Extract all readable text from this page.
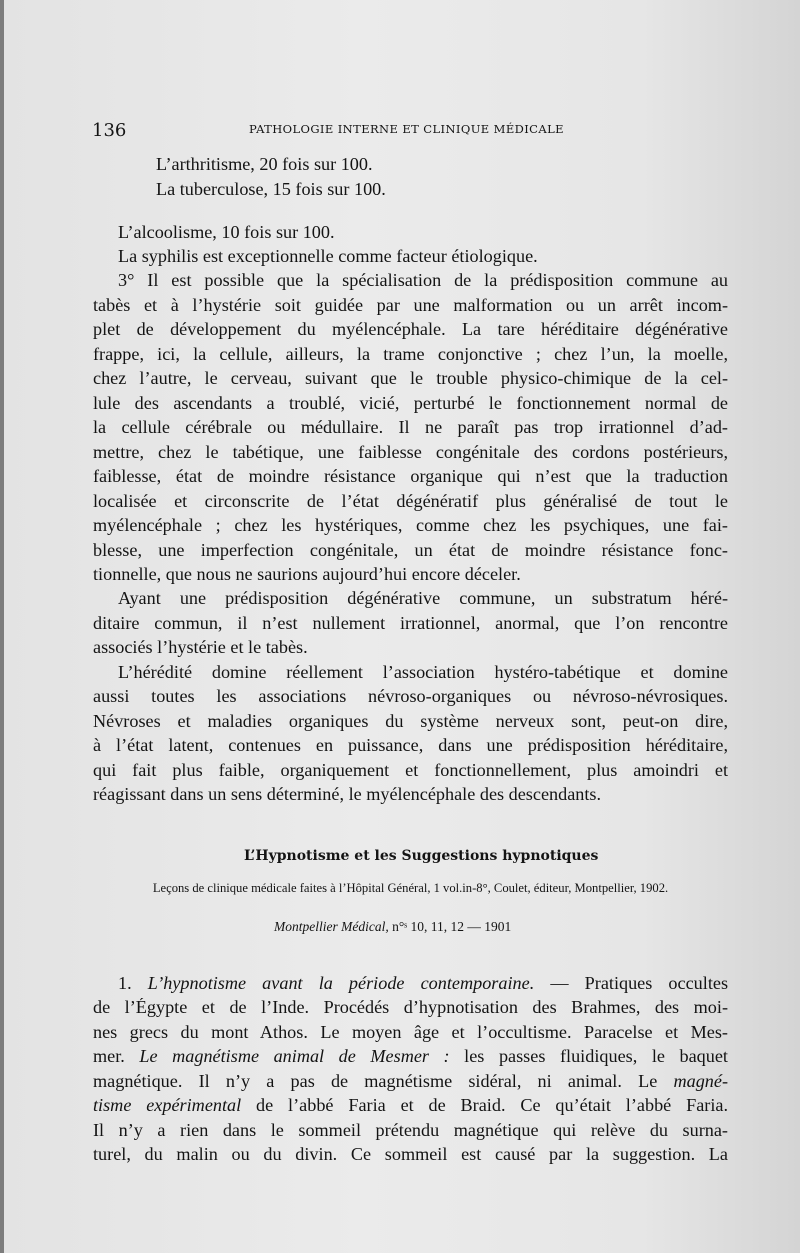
136	PATHOLOGIE INTERNE ET CLINIQUE MÉDICALE
L’arthritisme, 20 fois sur 100.
La tuberculose, 15 fois sur 100.
L’alcoolisme, 10 fois sur 100.
La syphilis est exceptionnelle comme facteur étiologique.
3° Il est possible que la spécialisation de la prédisposition commune au
tabès et à l’hystérie soit guidée par une malformation ou un arrêt incom-
plet de développement du myélencéphale. La tare héréditaire dégénérative
frappe, ici, la cellule, ailleurs, la trame conjonctive ; chez l’un, la moelle,
chez l’autre, le cerveau, suivant que le trouble physico-chimique de la cel-
lule des ascendants a troublé, vicié, perturbé le fonctionnement normal de
la cellule cérébrale ou médullaire. Il ne paraît pas trop irrationnel d’ad-
mettre, chez le tabétique, une faiblesse congénitale des cordons postérieurs,
faiblesse, état de moindre résistance organique qui n’est que la traduction
localisée et circonscrite de l’état dégénératif plus généralisé de tout le
myélencéphale ; chez les hystériques, comme chez les psychiques, une fai-
blesse, une imperfection congénitale, un état de moindre résistance fonc-
tionnelle, que nous ne saurions aujourd’hui encore déceler.
Ayant une prédisposition dégénérative commune, un substratum héré-
ditaire commun, il n’est nullement irrationnel, anormal, que l’on rencontre
associés l’hystérie et le tabès.
L’hérédité domine réellement l’association hystéro-tabétique et domine
aussi toutes les associations névroso-organiques ou névroso-névrosiques.
Névroses et maladies organiques du système nerveux sont, peut-on dire,
à l’état latent, contenues en puissance, dans une prédisposition héréditaire,
qui fait plus faible, organiquement et fonctionnellement, plus amoindri et
réagissant dans un sens déterminé, le myélencéphale des descendants.
L’Hypnotisme et les Suggestions hypnotiques
Leçons de clinique médicale faites à l’Hôpital Général, 1 vol.in-8°, Coulet, éditeur, Montpellier, 1902.
Montpellier Médical, n°ˢ 10, 11, 12 — 1901
1. L’hypnotisme avant la période contemporaine. — Pratiques occultes
de l’Égypte et de l’Inde. Procédés d’hypnotisation des Brahmes, des moi-
nes grecs du mont Athos. Le moyen âge et l’occultisme. Paracelse et Mes-
mer. Le magnétisme animal de Mesmer : les passes fluidiques, le baquet
magnétique. Il n’y a pas de magnétisme sidéral, ni animal. Le magné-
tisme expérimental de l’abbé Faria et de Braid. Ce qu’était l’abbé Faria.
Il n’y a rien dans le sommeil prétendu magnétique qui relève du surna-
turel, du malin ou du divin. Ce sommeil est causé par la suggestion. La
